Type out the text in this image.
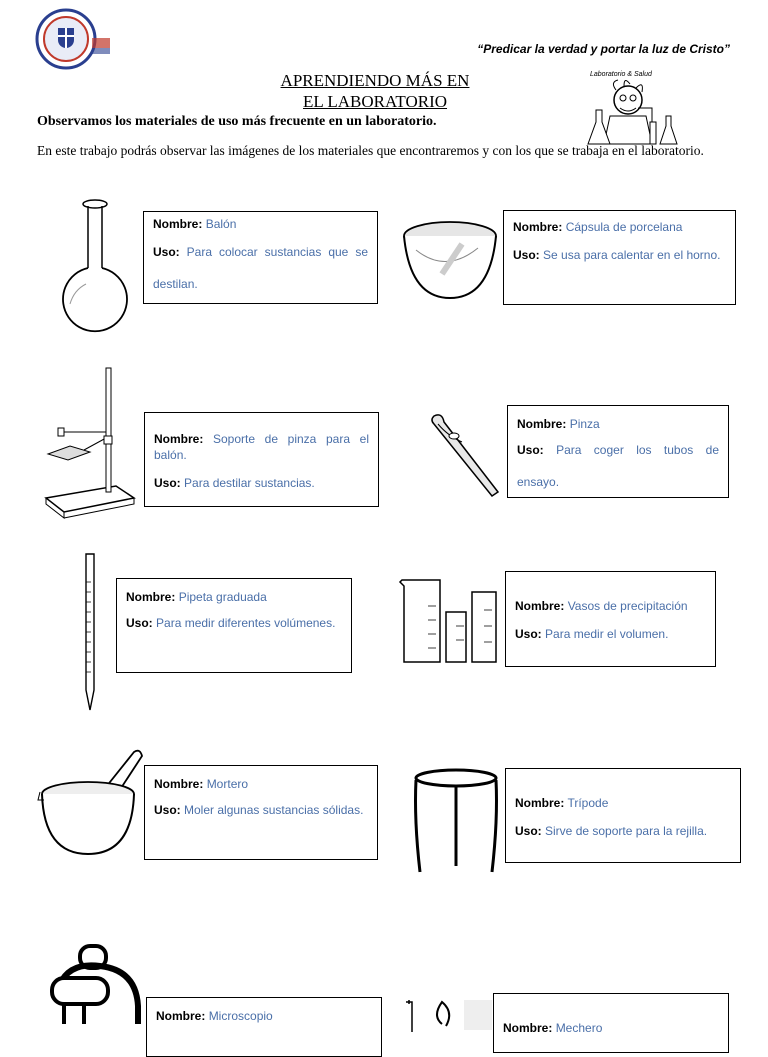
“Predicar la verdad y portar la luz de Cristo”
APRENDIENDO MÁS EN
EL LABORATORIO
Laboratorio & Salud
Observamos los materiales de uso más frecuente en un laboratorio.
En este trabajo podrás observar las imágenes de los materiales que encontraremos y con los que se trabaja en el laboratorio.

Nombre: Balón

Uso: Para colocar sustancias que se destilan.

Nombre: Cápsula de porcelana

Uso: Se usa para calentar en el horno.

Nombre: Soporte de pinza para el balón.

Uso: Para destilar sustancias.

Nombre: Pinza

Uso: Para coger los tubos de ensayo.

Nombre: Pipeta graduada

Uso: Para medir diferentes volúmenes.

Nombre: Vasos de precipitación

Uso: Para medir el volumen.

Nombre: Mortero

Uso: Moler algunas sustancias sólidas.	Nombre: Trípode

Uso: Sirve de soporte para la rejilla.

Nombre: Microscopio

Nombre: Mechero
